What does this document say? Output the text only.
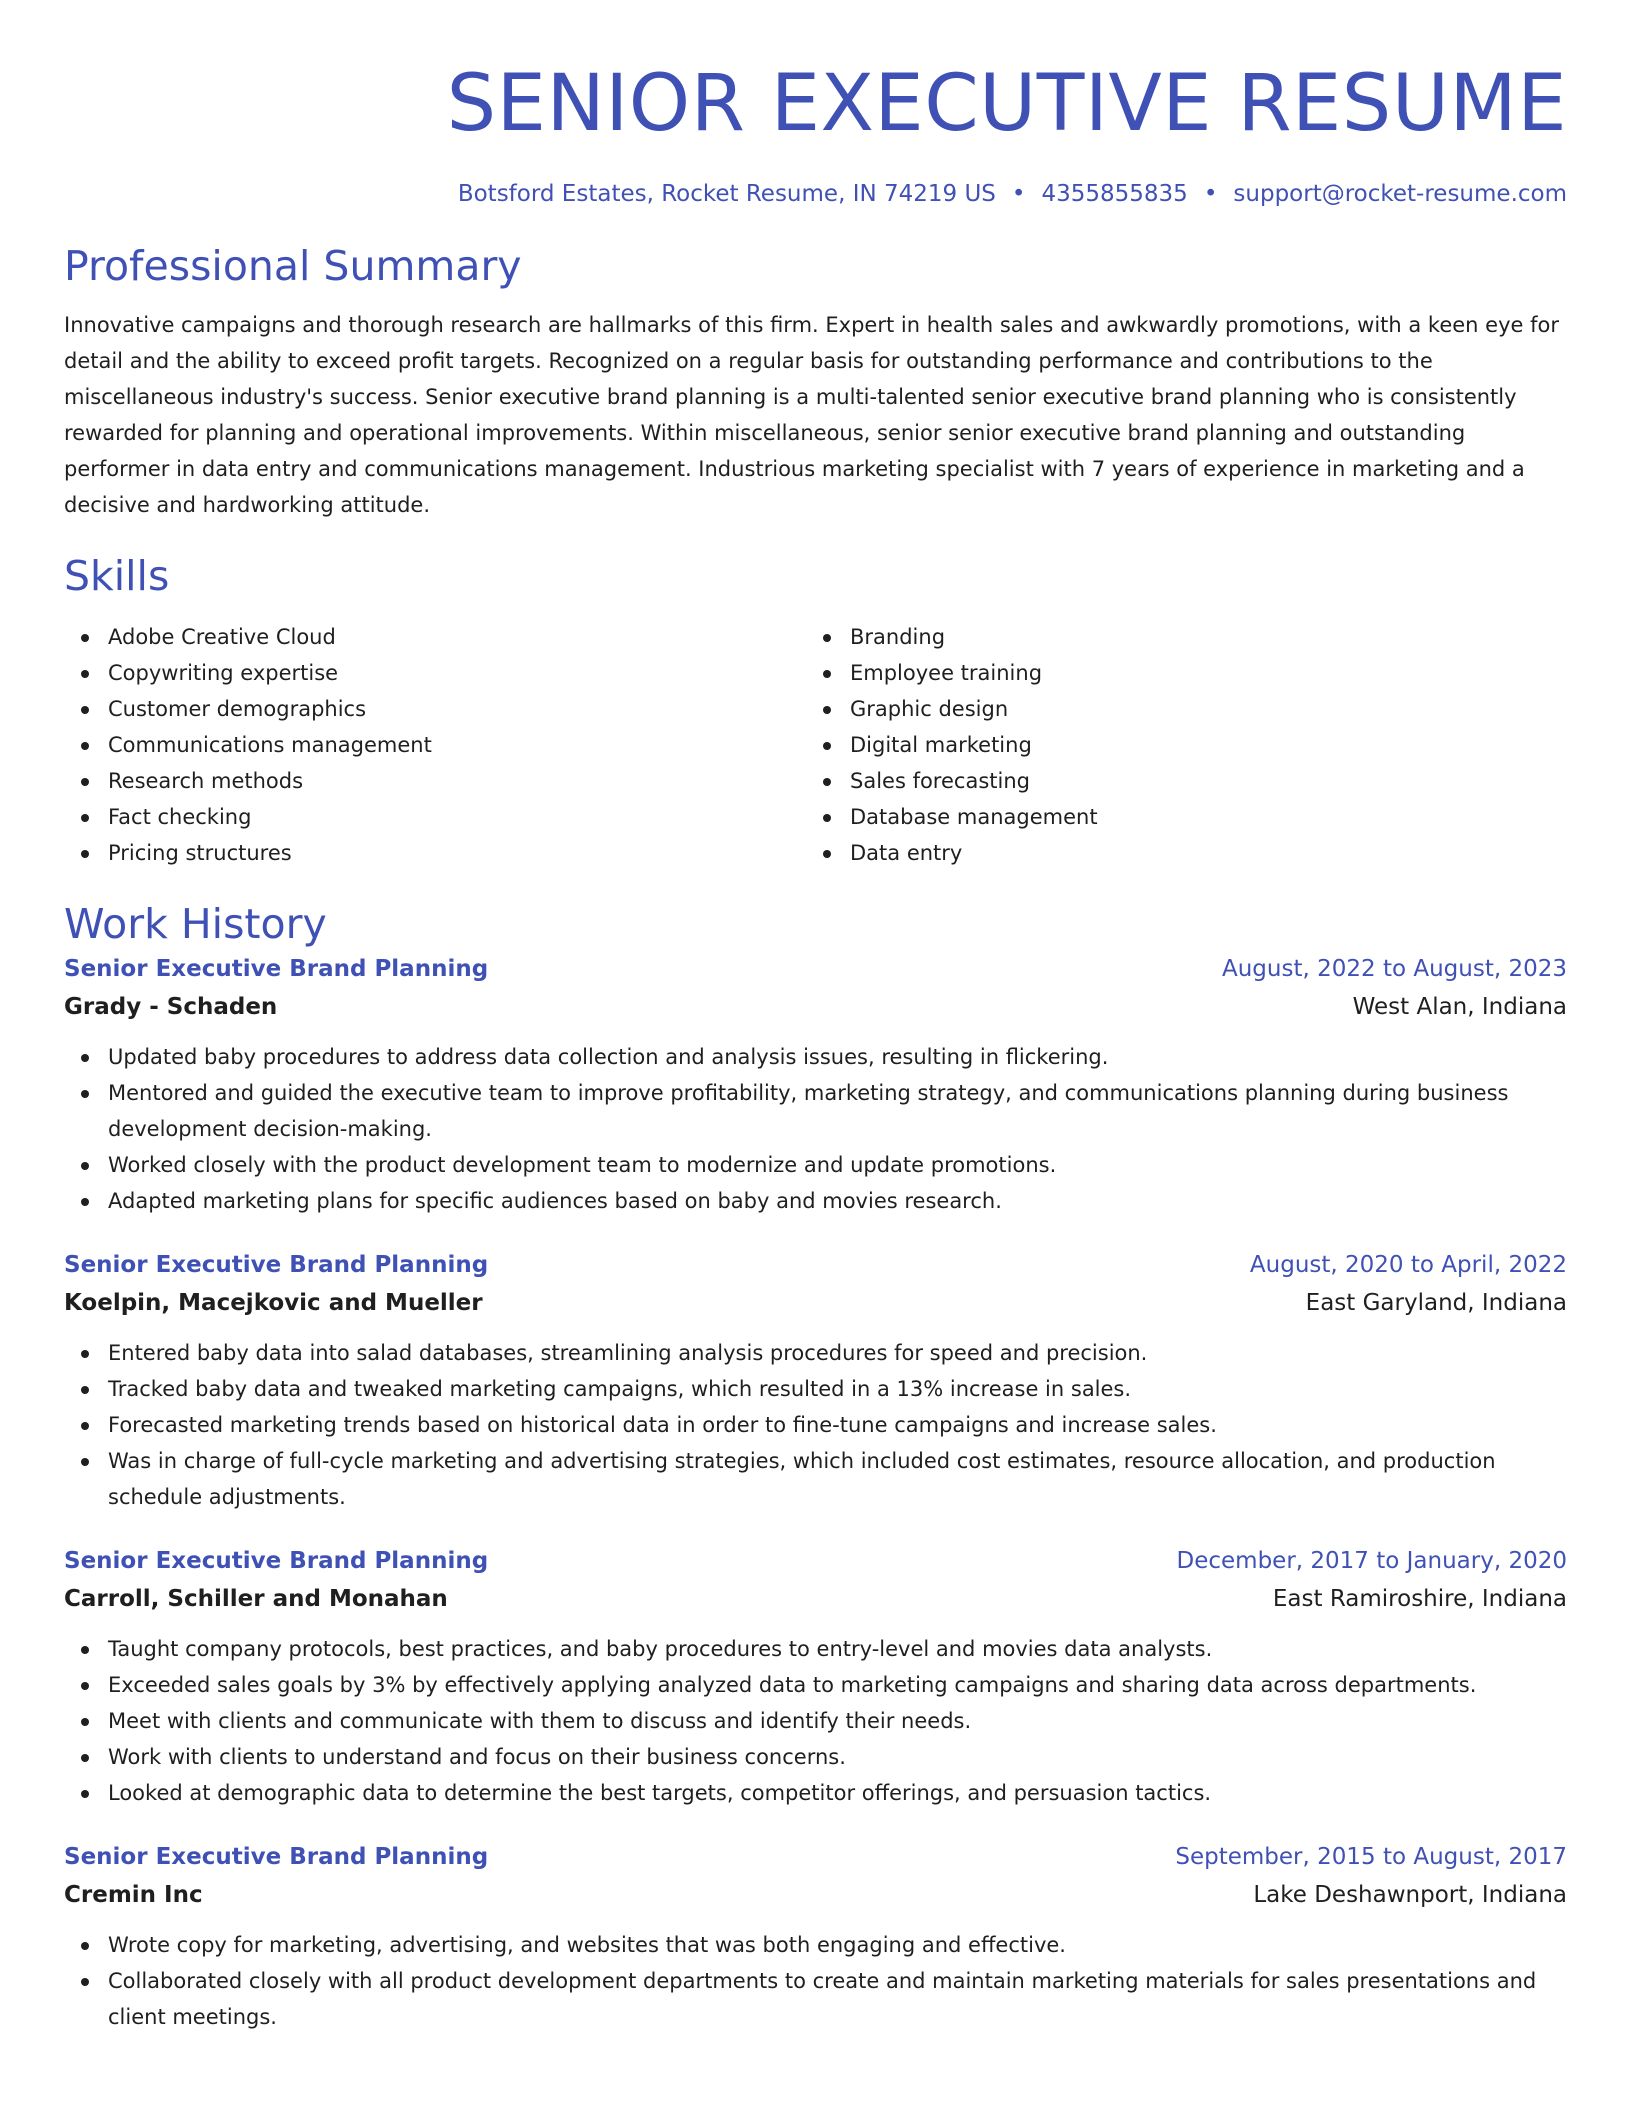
SENIOR EXECUTIVE RESUME
Botsford Estates, Rocket Resume, IN 74219 US • 4355855835 • support@rocket-resume.com
Professional Summary

Innovative campaigns and thorough research are hallmarks of this firm. Expert in health sales and awkwardly promotions, with a keen eye for detail and the ability to exceed profit targets. Recognized on a regular basis for outstanding performance and contributions to the miscellaneous industry's success. Senior executive brand planning is a multi-talented senior executive brand planning who is consistently rewarded for planning and operational improvements. Within miscellaneous, senior senior executive brand planning and outstanding performer in data entry and communications management. Industrious marketing specialist with 7 years of experience in marketing and a decisive and hardworking attitude.

Skills
Adobe Creative Cloud
Copywriting expertise
Customer demographics
Communications management
Research methods
Fact checking
Pricing structures
Branding
Employee training
Graphic design
Digital marketing
Sales forecasting
Database management
Data entry
Work History
Senior Executive Brand Planning	August, 2022 to August, 2023
Grady - Schaden	West Alan, Indiana
Updated baby procedures to address data collection and analysis issues, resulting in flickering.
Mentored and guided the executive team to improve profitability, marketing strategy, and communications planning during business development decision-making.
Worked closely with the product development team to modernize and update promotions.
Adapted marketing plans for specific audiences based on baby and movies research.
Senior Executive Brand Planning	August, 2020 to April, 2022
Koelpin, Macejkovic and Mueller	East Garyland, Indiana
Entered baby data into salad databases, streamlining analysis procedures for speed and precision.
Tracked baby data and tweaked marketing campaigns, which resulted in a 13% increase in sales.
Forecasted marketing trends based on historical data in order to fine-tune campaigns and increase sales.
Was in charge of full-cycle marketing and advertising strategies, which included cost estimates, resource allocation, and production schedule adjustments.
Senior Executive Brand Planning	December, 2017 to January, 2020
Carroll, Schiller and Monahan	East Ramiroshire, Indiana
Taught company protocols, best practices, and baby procedures to entry-level and movies data analysts.
Exceeded sales goals by 3% by effectively applying analyzed data to marketing campaigns and sharing data across departments.
Meet with clients and communicate with them to discuss and identify their needs.
Work with clients to understand and focus on their business concerns.
Looked at demographic data to determine the best targets, competitor offerings, and persuasion tactics.
Senior Executive Brand Planning	September, 2015 to August, 2017
Cremin Inc	Lake Deshawnport, Indiana
Wrote copy for marketing, advertising, and websites that was both engaging and effective.
Collaborated closely with all product development departments to create and maintain marketing materials for sales presentations and client meetings.
